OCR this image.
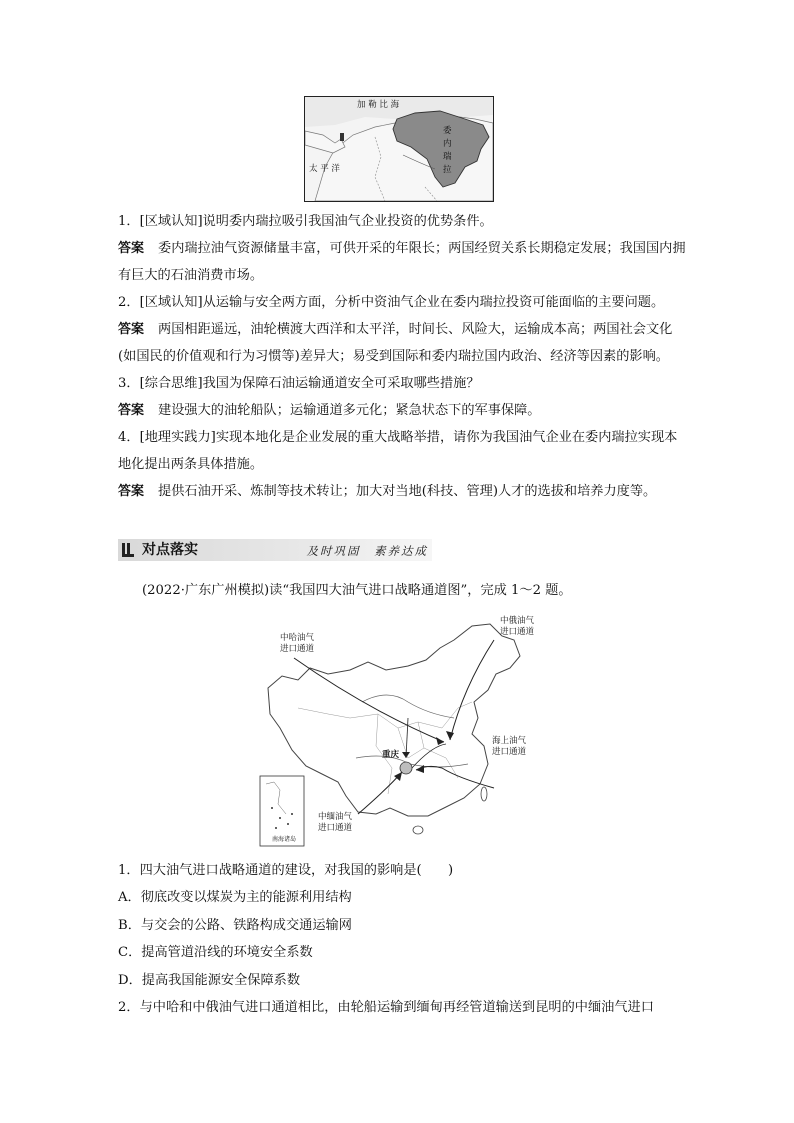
加 勒 比 海
太 平 洋
委 内 瑞 拉

1．[区域认知]说明委内瑞拉吸引我国油气企业投资的优势条件。

答案 委内瑞拉油气资源储量丰富，可供开采的年限长；两国经贸关系长期稳定发展；我国国内拥有巨大的石油消费市场。

2．[区域认知]从运输与安全两方面，分析中资油气企业在委内瑞拉投资可能面临的主要问题。

答案 两国相距遥远，油轮横渡大西洋和太平洋，时间长、风险大，运输成本高；两国社会文化(如国民的价值观和行为习惯等)差异大；易受到国际和委内瑞拉国内政治、经济等因素的影响。

3．[综合思维]我国为保障石油运输通道安全可采取哪些措施？

答案 建设强大的油轮船队；运输通道多元化；紧急状态下的军事保障。

4．[地理实践力]实现本地化是企业发展的重大战略举措，请你为我国油气企业在委内瑞拉实现本地化提出两条具体措施。

答案 提供石油开采、炼制等技术转让；加大对当地(科技、管理)人才的选拔和培养力度等。

对点落实	及时巩固　素养达成
(2022·广东广州模拟)读“我国四大油气进口战略通道图”，完成 1～2 题。
中哈油气
进口通道
中俄油气
进口通道
海上油气
进口通道
中缅油气
进口通道
重庆
南海诸岛

1．四大油气进口战略通道的建设，对我国的影响是(　　)

A．彻底改变以煤炭为主的能源利用结构

B．与交会的公路、铁路构成交通运输网

C．提高管道沿线的环境安全系数

D．提高我国能源安全保障系数

2．与中哈和中俄油气进口通道相比，由轮船运输到缅甸再经管道输送到昆明的中缅油气进口
